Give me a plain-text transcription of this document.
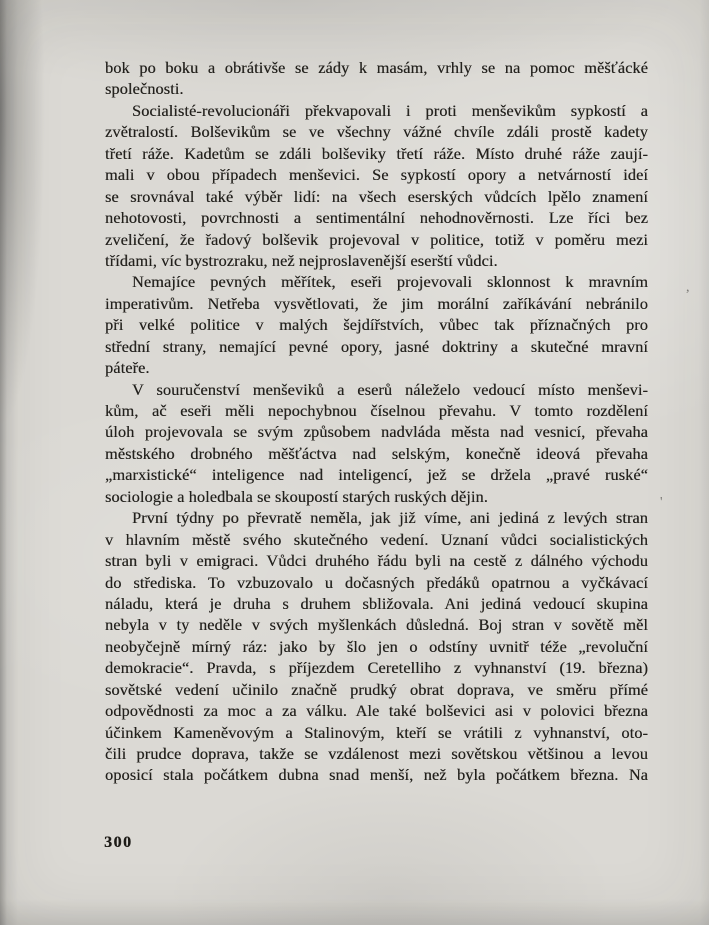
bok po boku a obrátivše se zády k masám, vrhly se na pomoc měšťácké
společnosti.
Socialisté-revolucionáři překvapovali i proti menševikům sypkostí a
zvětralostí. Bolševikům se ve všechny vážné chvíle zdáli prostě kadety
třetí ráže. Kadetům se zdáli bolševiky třetí ráže. Místo druhé ráže zaují-
mali v obou případech menševici. Se sypkostí opory a netvárností ideí
se srovnával také výběr lidí: na všech eserských vůdcích lpělo znamení
nehotovosti, povrchnosti a sentimentální nehodnověrnosti. Lze říci bez
zveličení, že řadový bolševik projevoval v politice, totiž v poměru mezi
třídami, víc bystrozraku, než nejproslavenější eserští vůdci.
Nemajíce pevných měřítek, eseři projevovali sklonnost k mravním
imperativům. Netřeba vysvětlovati, že jim morální zaříkávání nebránilo
při velké politice v malých šejdířstvích, vůbec tak příznačných pro
střední strany, nemající pevné opory, jasné doktriny a skutečné mravní
páteře.
V souručenství menševiků a eserů náleželo vedoucí místo menševi-
kům, ač eseři měli nepochybnou číselnou převahu. V tomto rozdělení
úloh projevovala se svým způsobem nadvláda města nad vesnicí, převaha
městského drobného měšťáctva nad selským, konečně ideová převaha
„marxistické“ inteligence nad inteligencí, jež se držela „pravé ruské“
sociologie a holedbala se skoupostí starých ruských dějin.
První týdny po převratě neměla, jak již víme, ani jediná z levých stran
v hlavním městě svého skutečného vedení. Uznaní vůdci socialistických
stran byli v emigraci. Vůdci druhého řádu byli na cestě z dálného východu
do střediska. To vzbuzovalo u dočasných předáků opatrnou a vyčkávací
náladu, která je druha s druhem sbližovala. Ani jediná vedoucí skupina
nebyla v ty neděle v svých myšlenkách důsledná. Boj stran v sovětě měl
neobyčejně mírný ráz: jako by šlo jen o odstíny uvnitř téže „revoluční
demokracie“. Pravda, s příjezdem Ceretelliho z vyhnanství (19. března)
sovětské vedení učinilo značně prudký obrat doprava, ve směru přímé
odpovědnosti za moc a za válku. Ale také bolševici asi v polovici března
účinkem Kameněvovým a Stalinovým, kteří se vrátili z vyhnanství, oto-
čili prudce doprava, takže se vzdálenost mezi sovětskou většinou a levou
oposicí stala počátkem dubna snad menší, než byla počátkem března. Na
300
,
'
